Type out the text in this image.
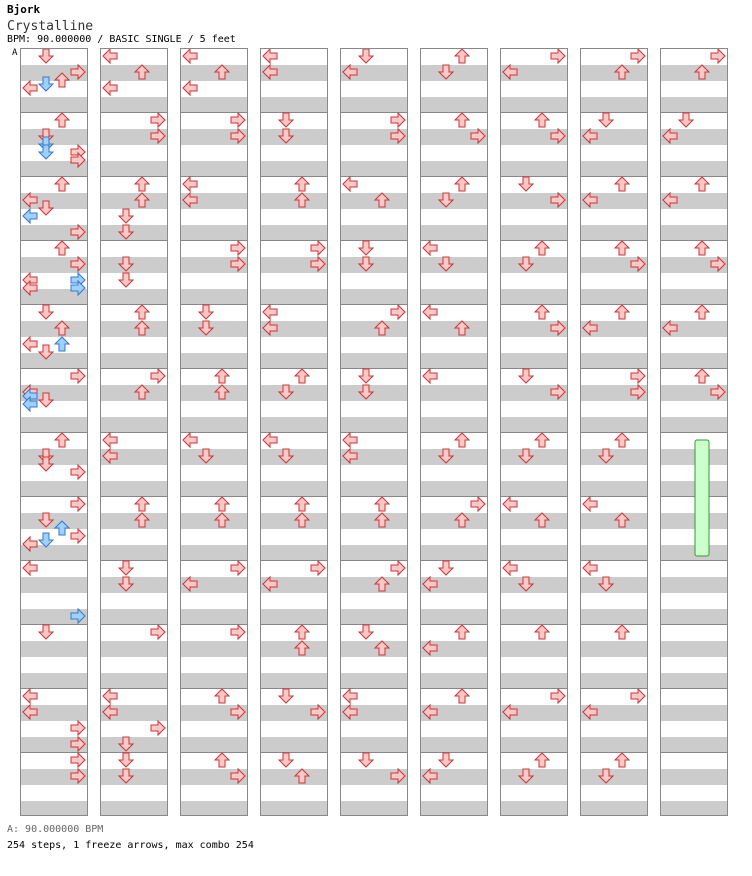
Bjork
Crystalline
BPM: 90.000000 / BASIC SINGLE / 5 feet
A
A: 90.000000 BPM
254 steps, 1 freeze arrows, max combo 254
